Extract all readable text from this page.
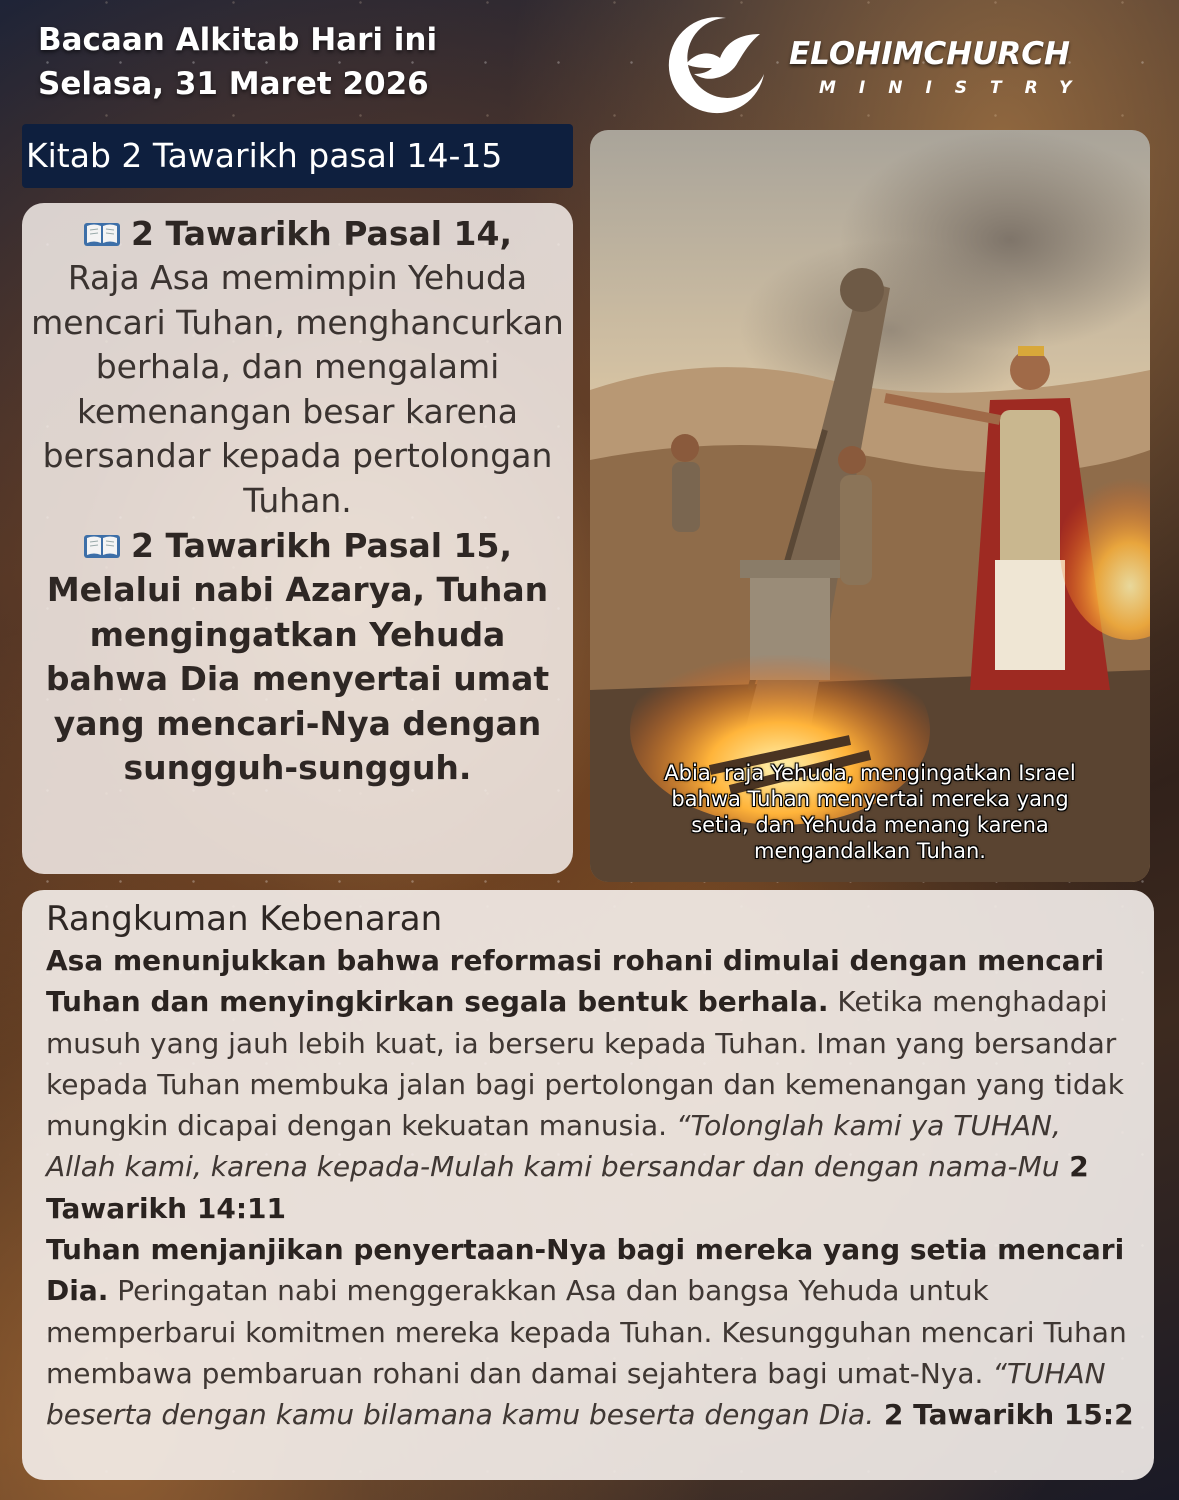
Bacaan Alkitab Hari ini
Selasa, 31 Maret 2026
ELOHIMCHURCH
MINISTRY
Kitab 2 Tawarikh pasal 14-15

2 Tawarikh Pasal 14,

Raja Asa memimpin Yehuda mencari Tuhan, menghancurkan berhala, dan mengalami kemenangan besar karena bersandar kepada pertolongan Tuhan.

2 Tawarikh Pasal 15,

Melalui nabi Azarya, Tuhan mengingatkan Yehuda bahwa Dia menyertai umat yang mencari-Nya dengan sungguh-sungguh.	Abia, raja Yehuda, mengingatkan Israel
bahwa Tuhan menyertai mereka yang
setia, dan Yehuda menang karena
mengandalkan Tuhan.

Rangkuman Kebenaran

Asa menunjukkan bahwa reformasi rohani dimulai dengan mencari Tuhan dan menyingkirkan segala bentuk berhala. Ketika menghadapi musuh yang jauh lebih kuat, ia berseru kepada Tuhan. Iman yang bersandar kepada Tuhan membuka jalan bagi pertolongan dan kemenangan yang tidak mungkin dicapai dengan kekuatan manusia. “Tolonglah kami ya TUHAN, Allah kami, karena kepada-Mulah kami bersandar dan dengan nama-Mu 2 Tawarikh 14:11

Tuhan menjanjikan penyertaan-Nya bagi mereka yang setia mencari Dia. Peringatan nabi menggerakkan Asa dan bangsa Yehuda untuk memperbarui komitmen mereka kepada Tuhan. Kesungguhan mencari Tuhan membawa pembaruan rohani dan damai sejahtera bagi umat-Nya. “TUHAN beserta dengan kamu bilamana kamu beserta dengan Dia. 2 Tawarikh 15:2
